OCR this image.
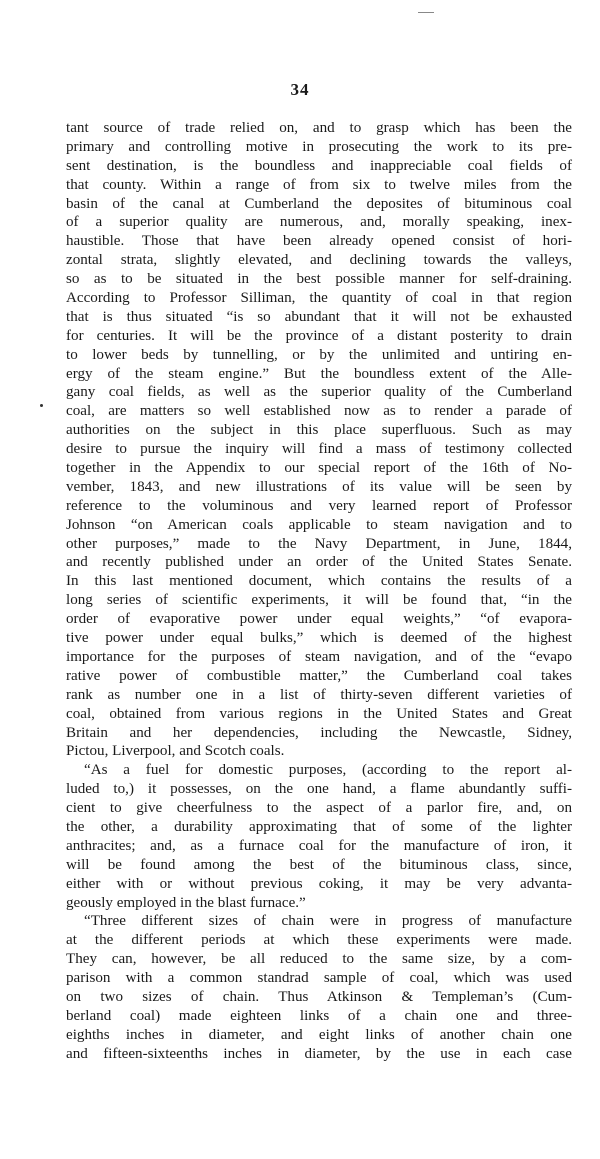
34
tant source of trade relied on, and to grasp which has been the
primary and controlling motive in prosecuting the work to its pre-
sent destination, is the boundless and inappreciable coal fields of
that county. Within a range of from six to twelve miles from the
basin of the canal at Cumberland the deposites of bituminous coal
of a superior quality are numerous, and, morally speaking, inex-
haustible. Those that have been already opened consist of hori-
zontal strata, slightly elevated, and declining towards the valleys,
so as to be situated in the best possible manner for self-draining.
According to Professor Silliman, the quantity of coal in that region
that is thus situated “is so abundant that it will not be exhausted
for centuries. It will be the province of a distant posterity to drain
to lower beds by tunnelling, or by the unlimited and untiring en-
ergy of the steam engine.” But the boundless extent of the Alle-
gany coal fields, as well as the superior quality of the Cumberland
coal, are matters so well established now as to render a parade of
authorities on the subject in this place superfluous. Such as may
desire to pursue the inquiry will find a mass of testimony collected
together in the Appendix to our special report of the 16th of No-
vember, 1843, and new illustrations of its value will be seen by
reference to the voluminous and very learned report of Professor
Johnson “on American coals applicable to steam navigation and to
other purposes,” made to the Navy Department, in June, 1844,
and recently published under an order of the United States Senate.
In this last mentioned document, which contains the results of a
long series of scientific experiments, it will be found that, “in the
order of evaporative power under equal weights,” “of evapora-
tive power under equal bulks,” which is deemed of the highest
importance for the purposes of steam navigation, and of the “evapo
rative power of combustible matter,” the Cumberland coal takes
rank as number one in a list of thirty-seven different varieties of
coal, obtained from various regions in the United States and Great
Britain and her dependencies, including the Newcastle, Sidney,
Pictou, Liverpool, and Scotch coals.
“As a fuel for domestic purposes, (according to the report al-
luded to,) it possesses, on the one hand, a flame abundantly suffi-
cient to give cheerfulness to the aspect of a parlor fire, and, on
the other, a durability approximating that of some of the lighter
anthracites; and, as a furnace coal for the manufacture of iron, it
will be found among the best of the bituminous class, since,
either with or without previous coking, it may be very advanta-
geously employed in the blast furnace.”
“Three different sizes of chain were in progress of manufacture
at the different periods at which these experiments were made.
They can, however, be all reduced to the same size, by a com-
parison with a common standrad sample of coal, which was used
on two sizes of chain. Thus Atkinson & Templeman’s (Cum-
berland coal) made eighteen links of a chain one and three-
eighths inches in diameter, and eight links of another chain one
and fifteen-sixteenths inches in diameter, by the use in each case
